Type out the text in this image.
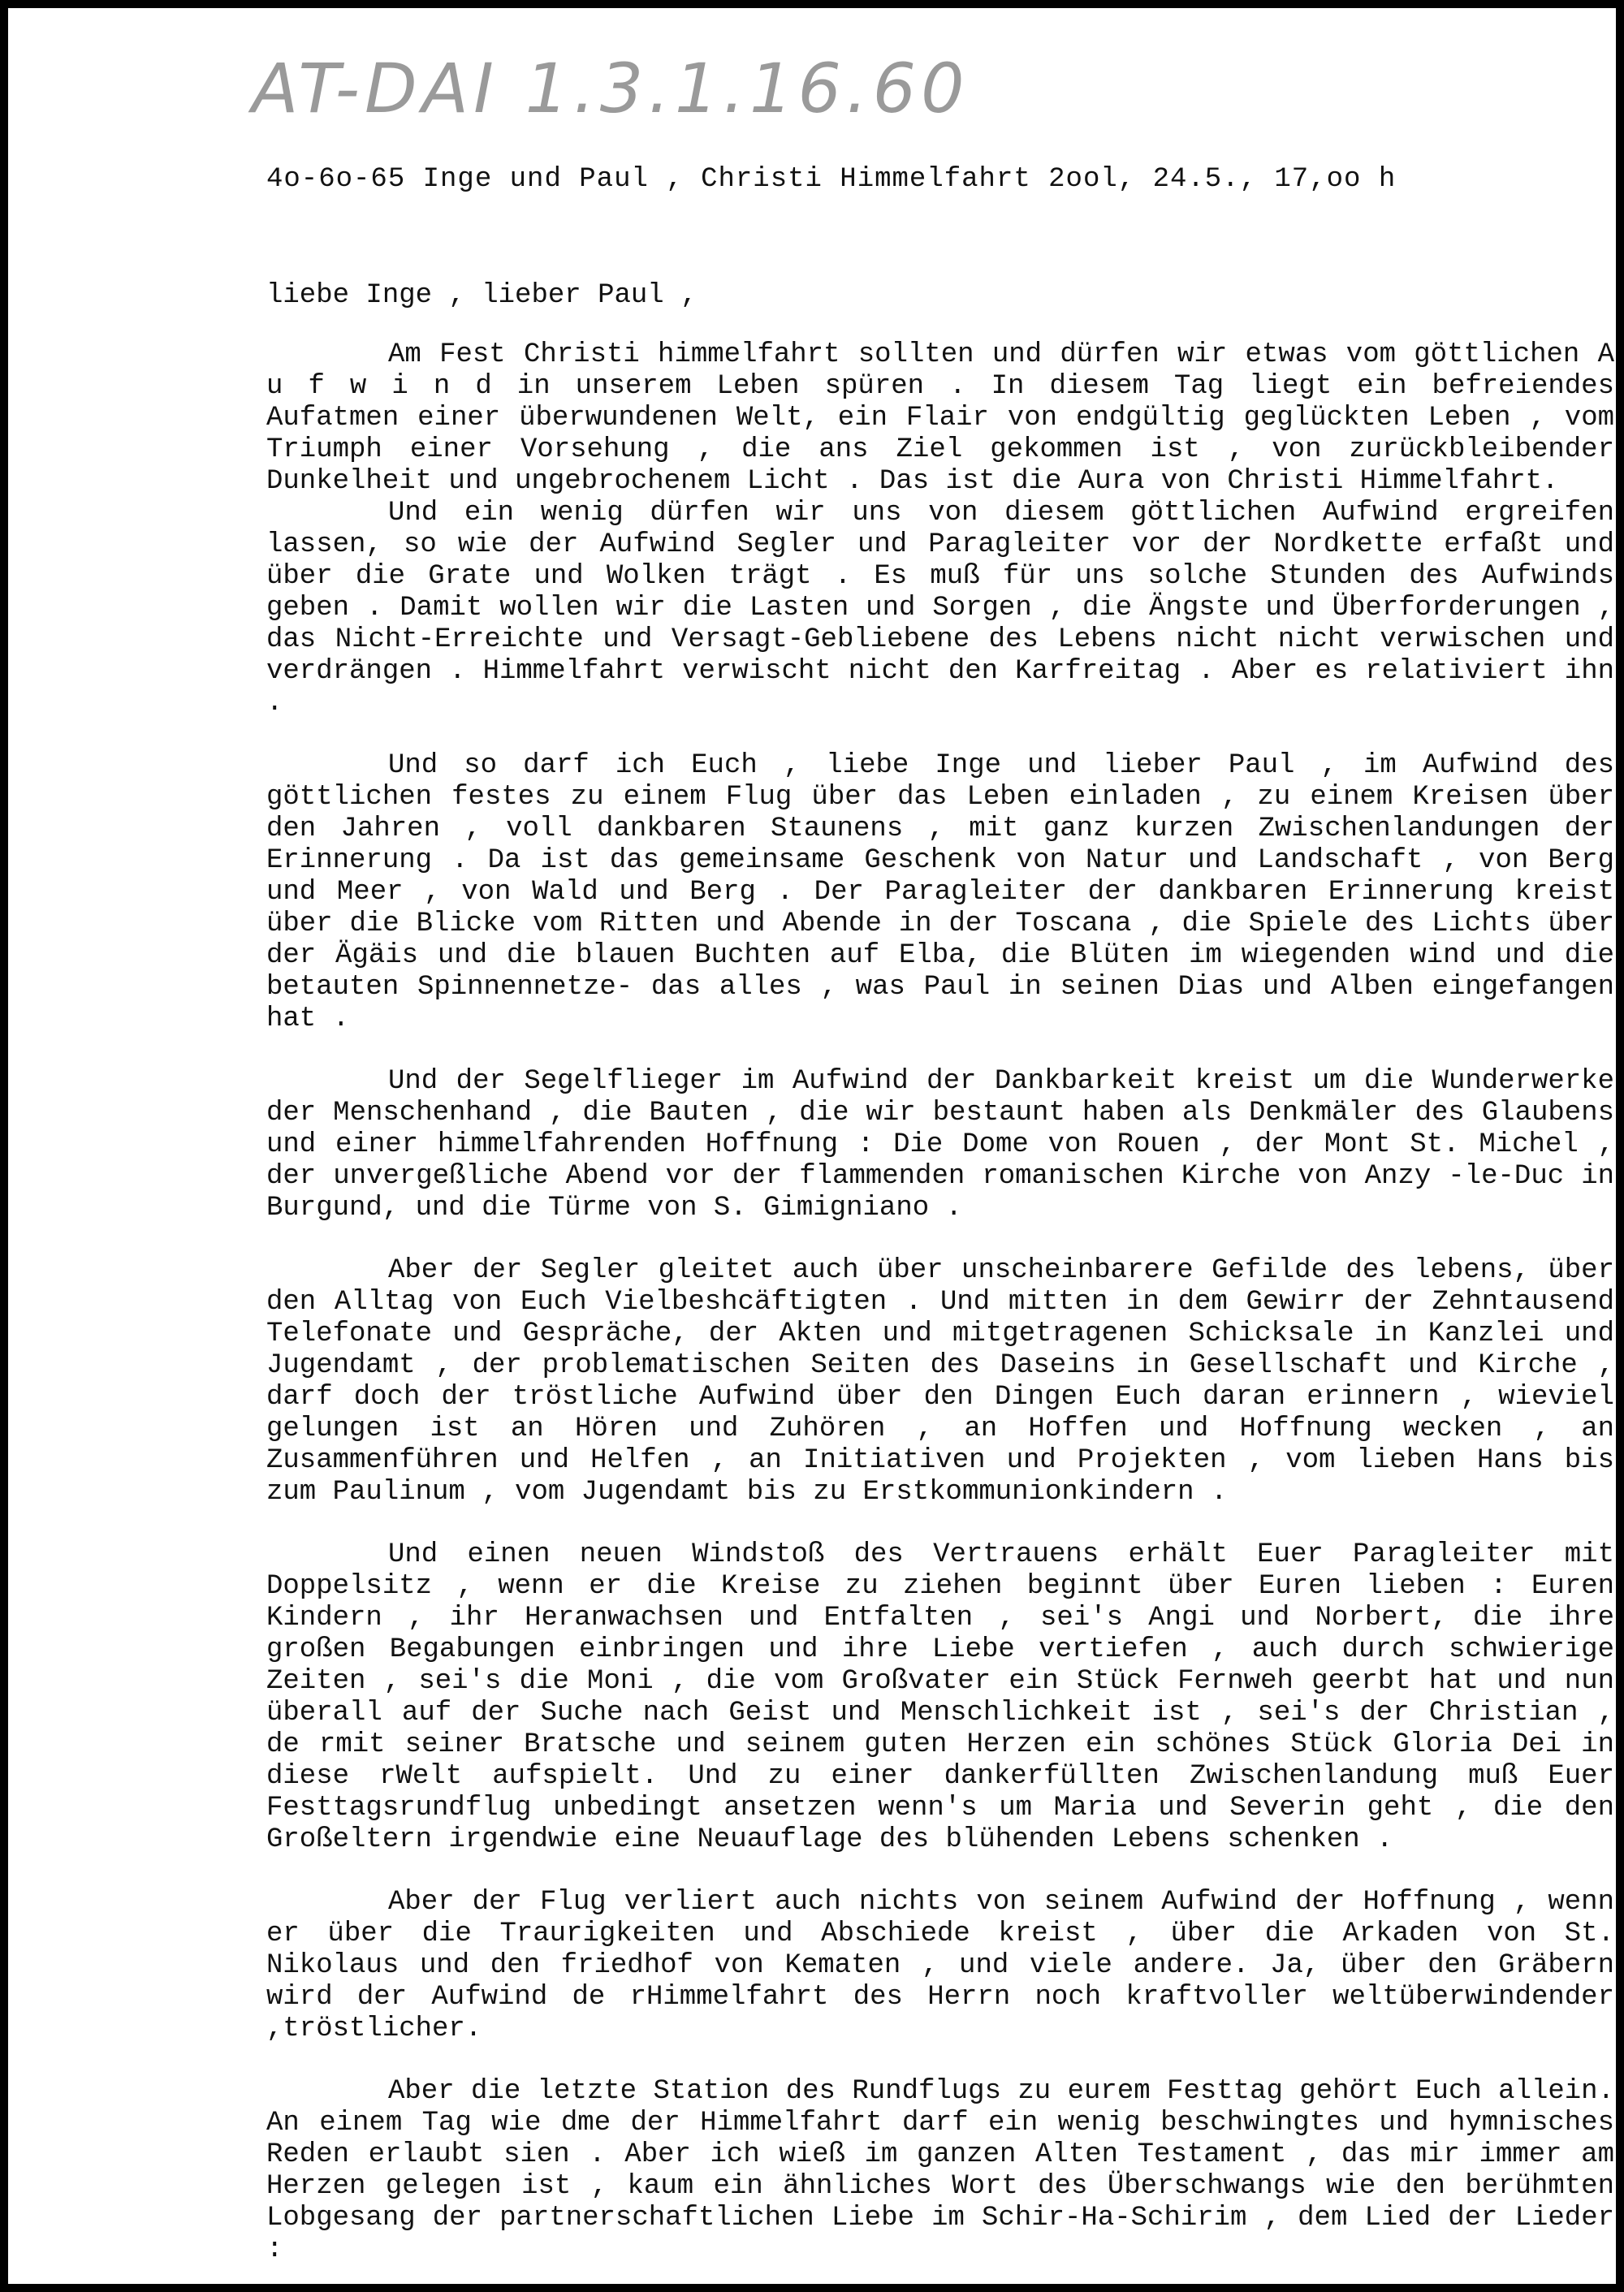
AT-DAI 1.3.1.16.60

4o-6o-65 Inge und Paul , Christi Himmelfahrt 2ool, 24.5., 17,oo h

liebe Inge , lieber Paul ,

Am Fest Christi himmelfahrt sollten und dürfen wir etwas vom göttlichen A u f w i n d in unserem Leben spüren . In diesem Tag liegt ein befreiendes Aufatmen einer überwundenen Welt, ein Flair von endgültig geglückten Leben , vom Triumph einer Vorsehung , die ans Ziel gekommen ist , von zurückbleibender Dunkelheit und ungebrochenem Licht . Das ist die Aura von Christi Himmelfahrt.

Und ein wenig dürfen wir uns von diesem göttlichen Aufwind ergreifen lassen, so wie der Aufwind Segler und Paragleiter vor der Nordkette erfaßt und über die Grate und Wolken trägt . Es muß für uns solche Stunden des Aufwinds geben . Damit wollen wir die Lasten und Sorgen , die Ängste und Überforderungen , das Nicht-Erreichte und Versagt-Gebliebene des Lebens nicht nicht verwischen und verdrängen . Himmelfahrt verwischt nicht den Karfreitag . Aber es relativiert ihn .

Und so darf ich Euch , liebe Inge und lieber Paul , im Aufwind des göttlichen festes zu einem Flug über das Leben einladen , zu einem Kreisen über den Jahren , voll dankbaren Staunens , mit ganz kurzen Zwischenlandungen der Erinnerung . Da ist das gemeinsame Geschenk von Natur und Landschaft , von Berg und Meer , von Wald und Berg . Der Paragleiter der dankbaren Erinnerung kreist über die Blicke vom Ritten und Abende in der Toscana , die Spiele des Lichts über der Ägäis und die blauen Buchten auf Elba, die Blüten im wiegenden wind und die betauten Spinnennetze- das alles , was Paul in seinen Dias und Alben eingefangen hat .

Und der Segelflieger im Aufwind der Dankbarkeit kreist um die Wunderwerke der Menschenhand , die Bauten , die wir bestaunt haben als Denkmäler des Glaubens und einer himmelfahrenden Hoffnung : Die Dome von Rouen , der Mont St. Michel , der unvergeßliche Abend vor der flammenden romanischen Kirche von Anzy -le-Duc in Burgund, und die Türme von S. Gimigniano .

Aber der Segler gleitet auch über unscheinbarere Gefilde des lebens, über den Alltag von Euch Vielbeshcäftigten . Und mitten in dem Gewirr der Zehntausend Telefonate und Gespräche, der Akten und mitgetragenen Schicksale in Kanzlei und Jugendamt , der problematischen Seiten des Daseins in Gesellschaft und Kirche , darf doch der tröstliche Aufwind über den Dingen Euch daran erinnern , wieviel gelungen ist an Hören und Zuhören , an Hoffen und Hoffnung wecken , an Zusammenführen und Helfen , an Initiativen und Projekten , vom lieben Hans bis zum Paulinum , vom Jugendamt bis zu Erstkommunionkindern .

Und einen neuen Windstoß des Vertrauens erhält Euer Paragleiter mit Doppelsitz , wenn er die Kreise zu ziehen beginnt über Euren lieben : Euren Kindern , ihr Heranwachsen und Entfalten , sei's Angi und Norbert, die ihre großen Begabungen einbringen und ihre Liebe vertiefen , auch durch schwierige Zeiten , sei's die Moni , die vom Großvater ein Stück Fernweh geerbt hat und nun überall auf der Suche nach Geist und Menschlichkeit ist , sei's der Christian , de rmit seiner Bratsche und seinem guten Herzen ein schönes Stück Gloria Dei in diese rWelt aufspielt. Und zu einer dankerfüllten Zwischenlandung muß Euer Festtagsrundflug unbedingt ansetzen wenn's um Maria und Severin geht , die den Großeltern irgendwie eine Neuauflage des blühenden Lebens schenken .

Aber der Flug verliert auch nichts von seinem Aufwind der Hoffnung , wenn er über die Traurigkeiten und Abschiede kreist , über die Arkaden von St. Nikolaus und den friedhof von Kematen , und viele andere. Ja, über den Gräbern wird der Aufwind de rHimmelfahrt des Herrn noch kraftvoller weltüberwindender ,tröstlicher.

Aber die letzte Station des Rundflugs zu eurem Festtag gehört Euch allein. An einem Tag wie dme der Himmelfahrt darf ein wenig beschwingtes und hymnisches Reden erlaubt sien . Aber ich wieß im ganzen Alten Testament , das mir immer am Herzen gelegen ist , kaum ein ähnliches Wort des Überschwangs wie den berühmten Lobgesang der partnerschaftlichen Liebe im Schir-Ha-Schirim , dem Lied der Lieder :
